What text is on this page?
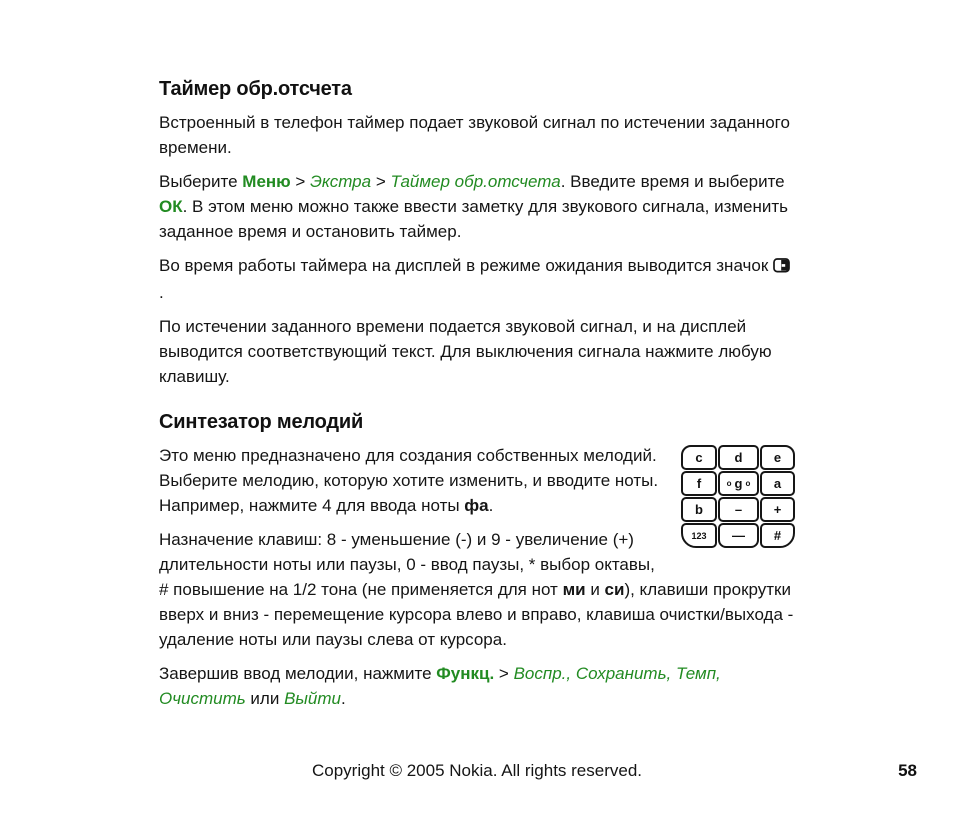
Таймер обр.отсчета

Встроенный в телефон таймер подает звуковой сигнал по истечении заданного времени.

Выберите Меню > Экстра > Таймер обр.отсчета. Введите время и выберите ОК. В этом меню можно также ввести заметку для звукового сигнала, изменить заданное время и остановить таймер.

Во время работы таймера на дисплей в режиме ожидания выводится значок  .

По истечении заданного времени подается звуковой сигнал, и на дисплей выводится соответствующий текст. Для выключения сигнала нажмите любую клавишу.

Синтезатор мелодий
c d e
f	o g o a
b – +
123 — #

Это меню предназначено для создания собственных мелодий. Выберите мелодию, которую хотите изменить, и вводите ноты. Например, нажмите 4 для ввода ноты фа.

Назначение клавиш: 8 - уменьшение (-) и 9 - увеличение (+) длительности ноты или паузы, 0 - ввод паузы, * выбор октавы, # повышение на 1/2 тона (не применяется для нот ми и си), клавиши прокрутки вверх и вниз - перемещение курсора влево и вправо, клавиша очистки/выхода - удаление ноты или паузы слева от курсора.

Завершив ввод мелодии, нажмите Функц. > Воспр., Сохранить, Темп, Очистить или Выйти.

Copyright © 2005 Nokia. All rights reserved.	58
